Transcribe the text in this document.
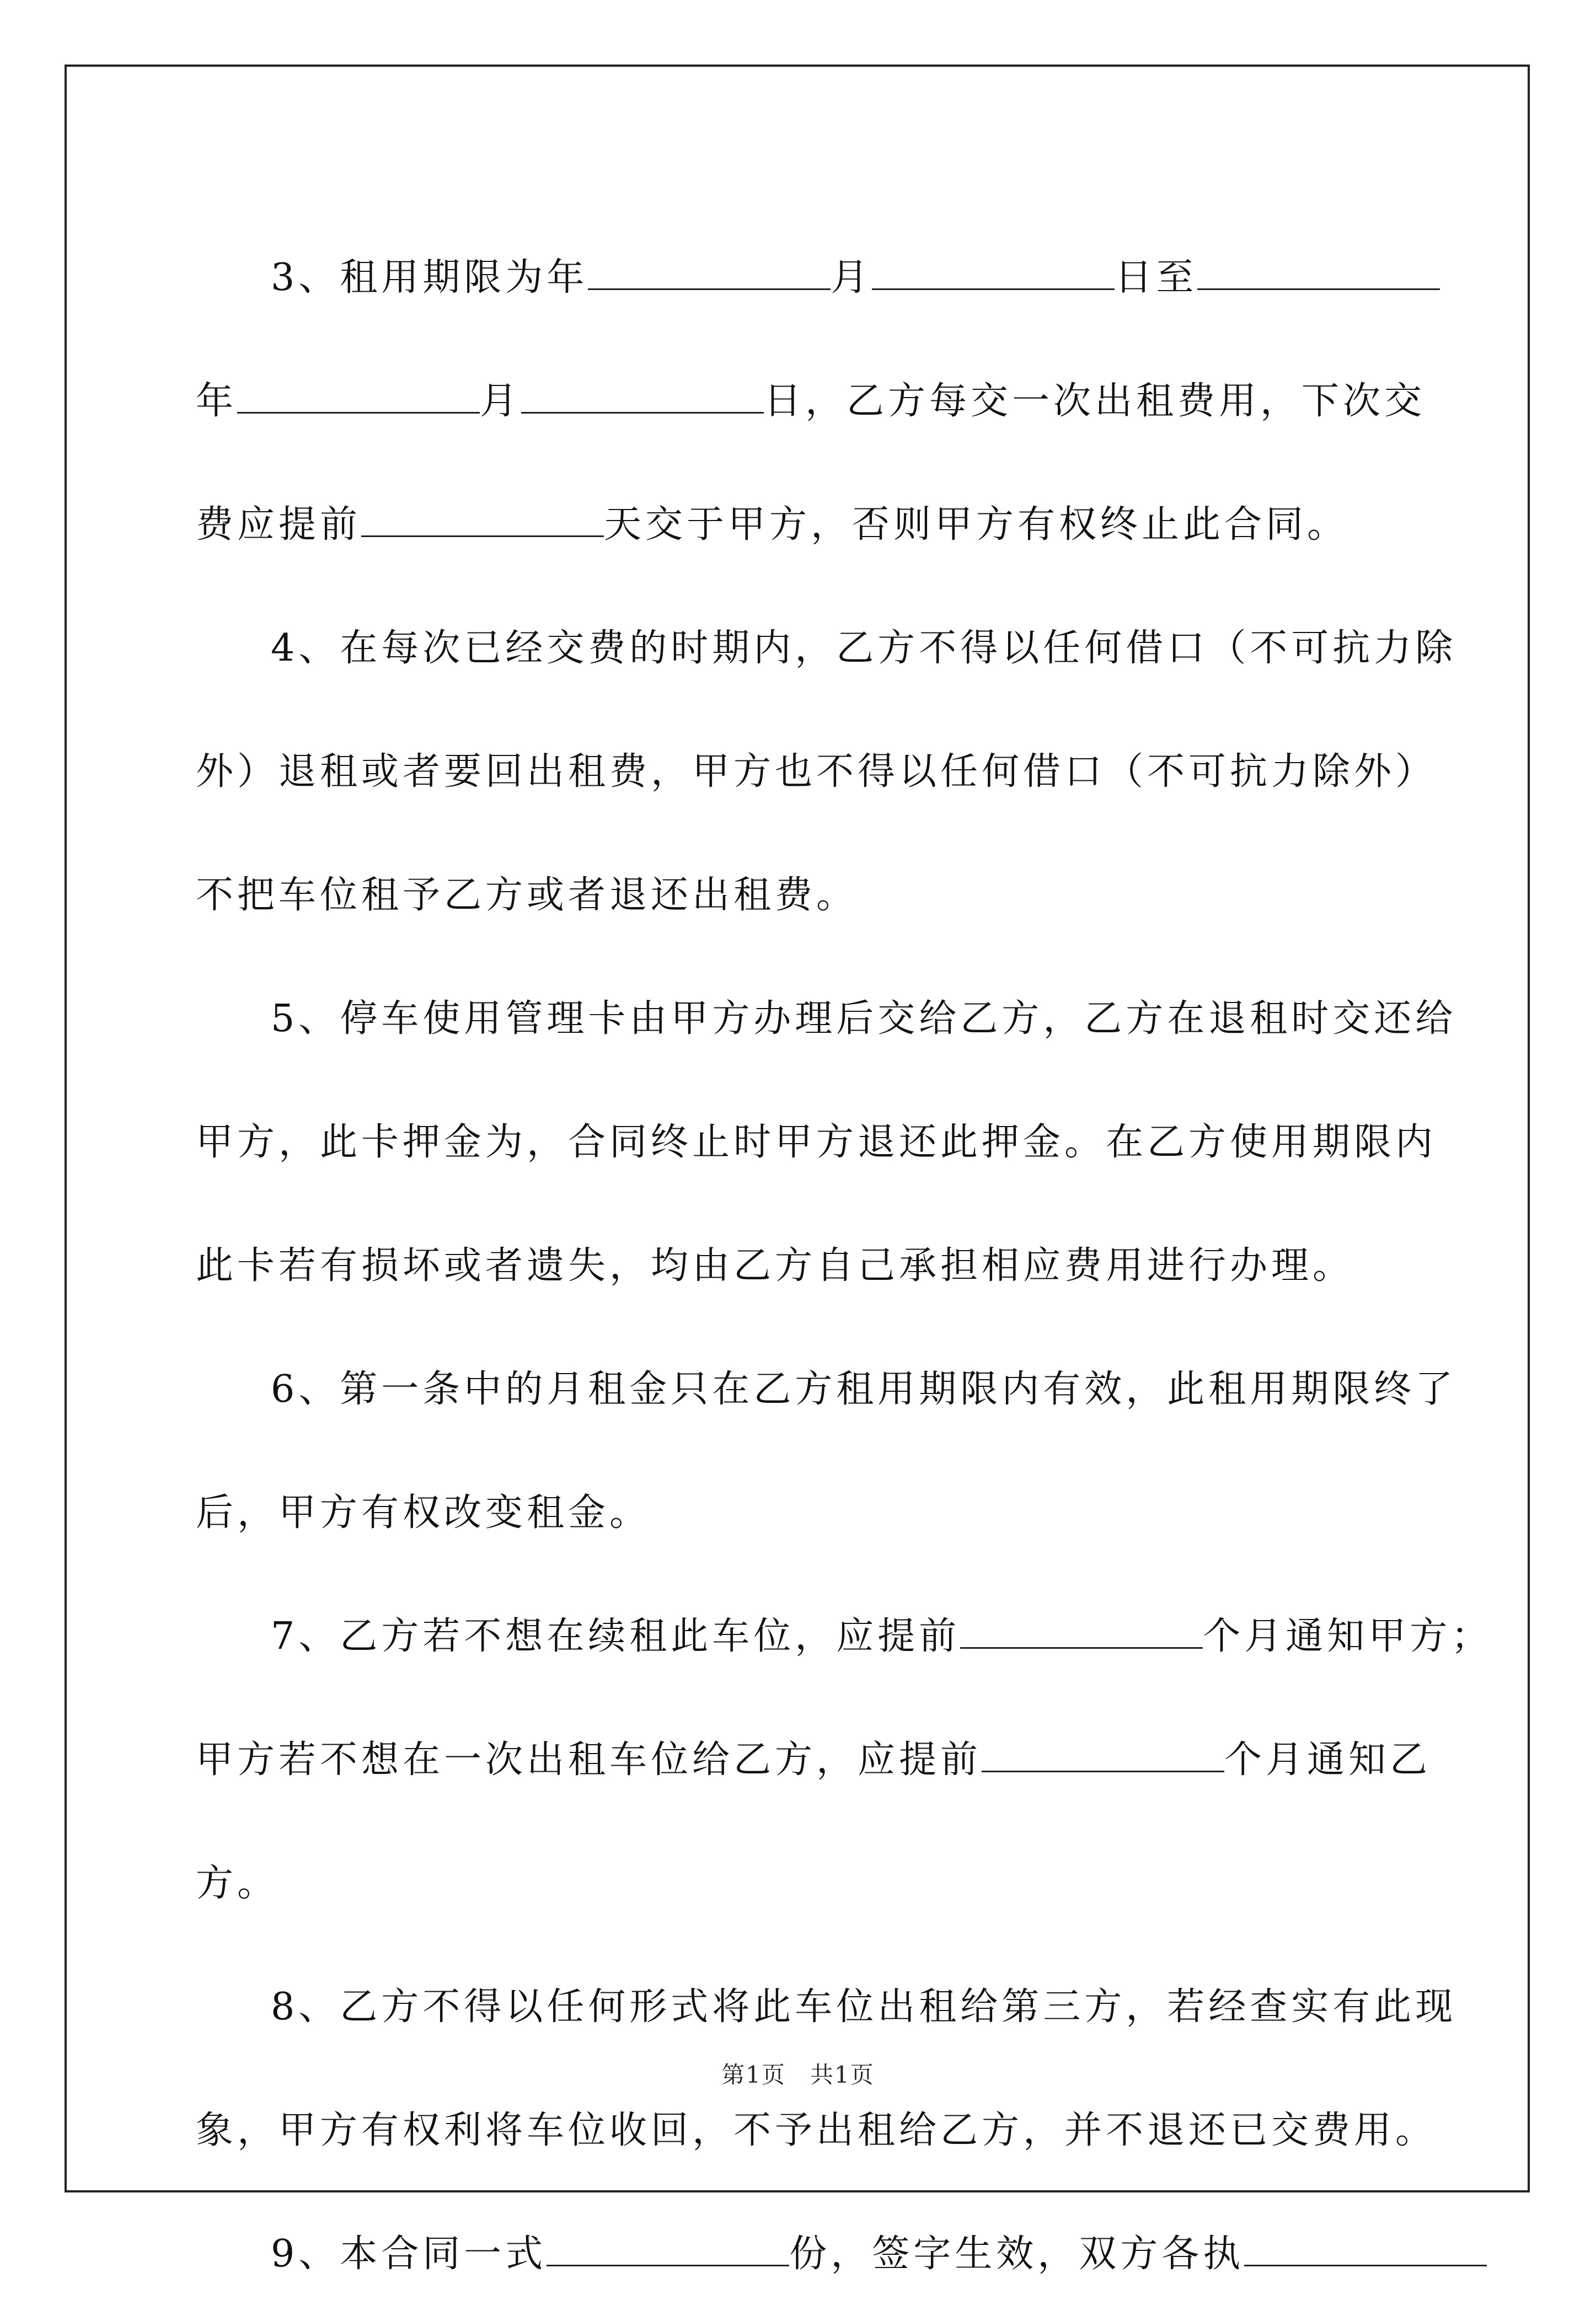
3、租用期限为年	月	日至
年	月	日，乙方每交一次出租费用，下次交
费应提前	天交于甲方，否则甲方有权终止此合同。
4、在每次已经交费的时期内，乙方不得以任何借口（不可抗力除
外）退租或者要回出租费，甲方也不得以任何借口（不可抗力除外）
不把车位租予乙方或者退还出租费。
5、停车使用管理卡由甲方办理后交给乙方，乙方在退租时交还给
甲方，此卡押金为，合同终止时甲方退还此押金。在乙方使用期限内
此卡若有损坏或者遗失，均由乙方自己承担相应费用进行办理。
6、第一条中的月租金只在乙方租用期限内有效，此租用期限终了
后，甲方有权改变租金。
7、乙方若不想在续租此车位，应提前	个月通知甲方；
甲方若不想在一次出租车位给乙方，应提前	个月通知乙
方。
8、乙方不得以任何形式将此车位出租给第三方，若经查实有此现
象，甲方有权利将车位收回，不予出租给乙方，并不退还已交费用。
9、本合同一式	份，签字生效，双方各执
第1页 共1页
